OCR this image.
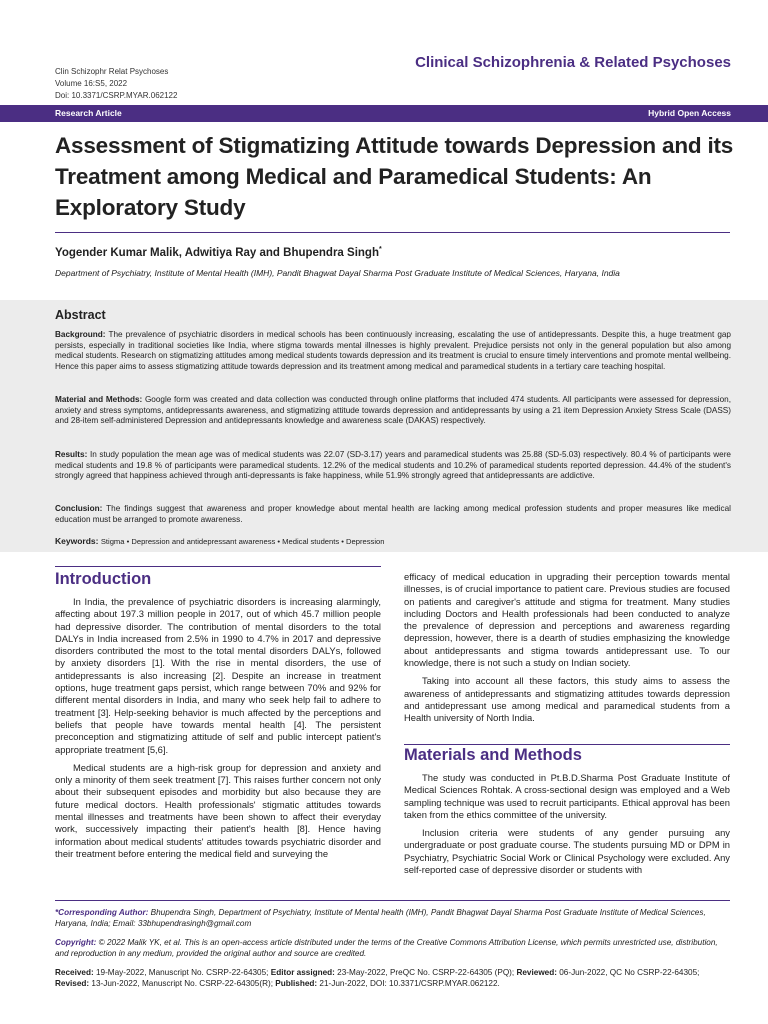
Clin Schizophr Relat Psychoses
Volume 16:S5, 2022
Doi: 10.3371/CSRP.MYAR.062122
Clinical Schizophrenia & Related Psychoses
Research Article	Hybrid Open Access
Assessment of Stigmatizing Attitude towards Depression and its Treatment among Medical and Paramedical Students: An Exploratory Study
Yogender Kumar Malik, Adwitiya Ray and Bhupendra Singh*
Department of Psychiatry, Institute of Mental Health (IMH), Pandit Bhagwat Dayal Sharma Post Graduate Institute of Medical Sciences, Haryana, India
Abstract
Background: The prevalence of psychiatric disorders in medical schools has been continuously increasing, escalating the use of antidepressants. Despite this, a huge treatment gap persists, especially in traditional societies like India, where stigma towards mental illnesses is highly prevalent. Prejudice persists not only in the general population but also among medical students. Research on stigmatizing attitudes among medical students towards depression and its treatment is crucial to ensure timely interventions and promote mental wellbeing. Hence this paper aims to assess stigmatizing attitude towards depression and its treatment among medical and paramedical students in a tertiary care teaching hospital.
Material and Methods: Google form was created and data collection was conducted through online platforms that included 474 students. All participants were assessed for depression, anxiety and stress symptoms, antidepressants awareness, and stigmatizing attitude towards depression and antidepressants by using a 21 item Depression Anxiety Stress Scale (DASS) and 28-item self-administered Depression and antidepressants knowledge and awareness scale (DAKAS) respectively.
Results: In study population the mean age was of medical students was 22.07 (SD-3.17) years and paramedical students was 25.88 (SD-5.03) respectively. 80.4 % of participants were medical students and 19.8 % of participants were paramedical students. 12.2% of the medical students and 10.2% of paramedical students reported depression. 44.4% of the student's strongly agreed that happiness achieved through anti-depressants is fake happiness, while 51.9% strongly agreed that antidepressants are addictive.
Conclusion: The findings suggest that awareness and proper knowledge about mental health are lacking among medical profession students and proper measures like medical education must be arranged to promote awareness.
Keywords: Stigma • Depression and antidepressant awareness • Medical students • Depression
Introduction

In India, the prevalence of psychiatric disorders is increasing alarmingly, affecting about 197.3 million people in 2017, out of which 45.7 million people had depressive disorder. The contribution of mental disorders to the total DALYs in India increased from 2.5% in 1990 to 4.7% in 2017 and depressive disorders contributed the most to the total mental disorders DALYs, followed by anxiety disorders [1]. With the rise in mental disorders, the use of antidepressants is also increasing [2]. Despite an increase in treatment options, huge treatment gaps persist, which range between 70% and 92% for different mental disorders in India, and many who seek help fail to adhere to treatment [3]. Help-seeking behavior is much affected by the perceptions and beliefs that people have towards mental health [4]. The persistent preconception and stigmatizing attitude of self and public intercept patient's appropriate treatment [5,6].

Medical students are a high-risk group for depression and anxiety and only a minority of them seek treatment [7]. This raises further concern not only about their subsequent episodes and morbidity but also because they are future medical doctors. Health professionals' stigmatic attitudes towards mental illnesses and treatments have been shown to affect their everyday work, successively impacting their patient's health [8]. Hence having information about medical students' attitudes towards psychiatric disorder and their treatment before entering the medical field and surveying the

efficacy of medical education in upgrading their perception towards mental illnesses, is of crucial importance to patient care. Previous studies are focused on patients and caregiver's attitude and stigma for treatment. Many studies including Doctors and Health professionals had been conducted to analyze the prevalence of depression and perceptions and awareness regarding depression, however, there is a dearth of studies emphasizing the knowledge about antidepressants and stigma towards antidepressant use. To our knowledge, there is not such a study on Indian society.

Taking into account all these factors, this study aims to assess the awareness of antidepressants and stigmatizing attitudes towards depression and antidepressant use among medical and paramedical students from a Health university of North India.

Materials and Methods

The study was conducted in Pt.B.D.Sharma Post Graduate Institute of Medical Sciences Rohtak. A cross-sectional design was employed and a Web sampling technique was used to recruit participants. Ethical approval has been taken from the ethics committee of the university.

Inclusion criteria were students of any gender pursuing any undergraduate or post graduate course. The students pursuing MD or DPM in Psychiatry, Psychiatric Social Work or Clinical Psychology were excluded. Any self-reported case of depressive disorder or students with

*Corresponding Author: Bhupendra Singh, Department of Psychiatry, Institute of Mental health (IMH), Pandit Bhagwat Dayal Sharma Post Graduate Institute of Medical Sciences, Haryana, India; Email: 33bhupendrasingh@gmail.com
Copyright: © 2022 Malik YK, et al. This is an open-access article distributed under the terms of the Creative Commons Attribution License, which permits unrestricted use, distribution, and reproduction in any medium, provided the original author and source are credited.
Received: 19-May-2022, Manuscript No. CSRP-22-64305; Editor assigned: 23-May-2022, PreQC No. CSRP-22-64305 (PQ); Reviewed: 06-Jun-2022, QC No CSRP-22-64305; Revised: 13-Jun-2022, Manuscript No. CSRP-22-64305(R); Published: 21-Jun-2022, DOI: 10.3371/CSRP.MYAR.062122.
